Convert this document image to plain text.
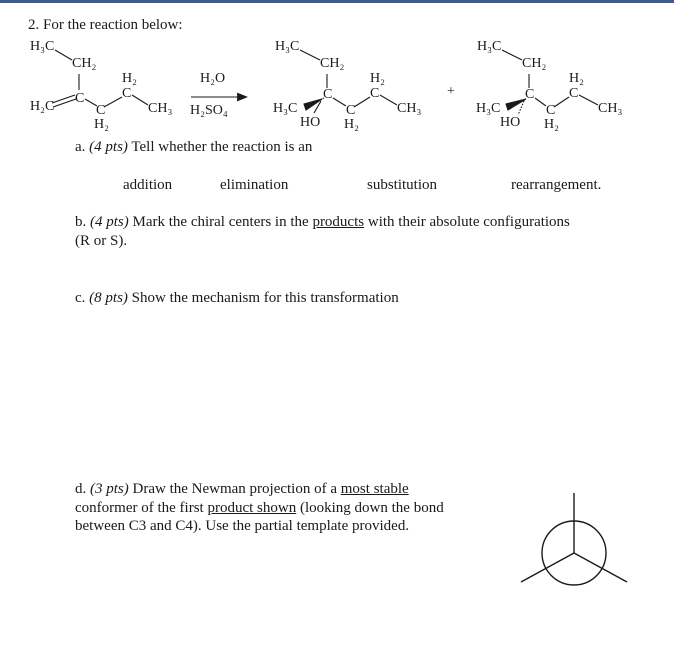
2. For the reaction below:
H₃C
CH₂
H₂C
C
C
H₂
H₂
C
CH₃
H₂O
H₂SO₄
H₃C
CH₂
C
H₃C
HO
C
H₂
H₂
C
CH₃
+
H₃C
CH₂
C
H₃C
HO
C
H₂
H₂
C
CH₃
a. (4 pts) Tell whether the reaction is an
addition	elimination	substitution	rearrangement.
b. (4 pts) Mark the chiral centers in the products with their absolute configurations
(R or S).
c. (8 pts) Show the mechanism for this transformation
d. (3 pts) Draw the Newman projection of a most stable
conformer of the first product shown (looking down the bond
between C3 and C4). Use the partial template provided.
